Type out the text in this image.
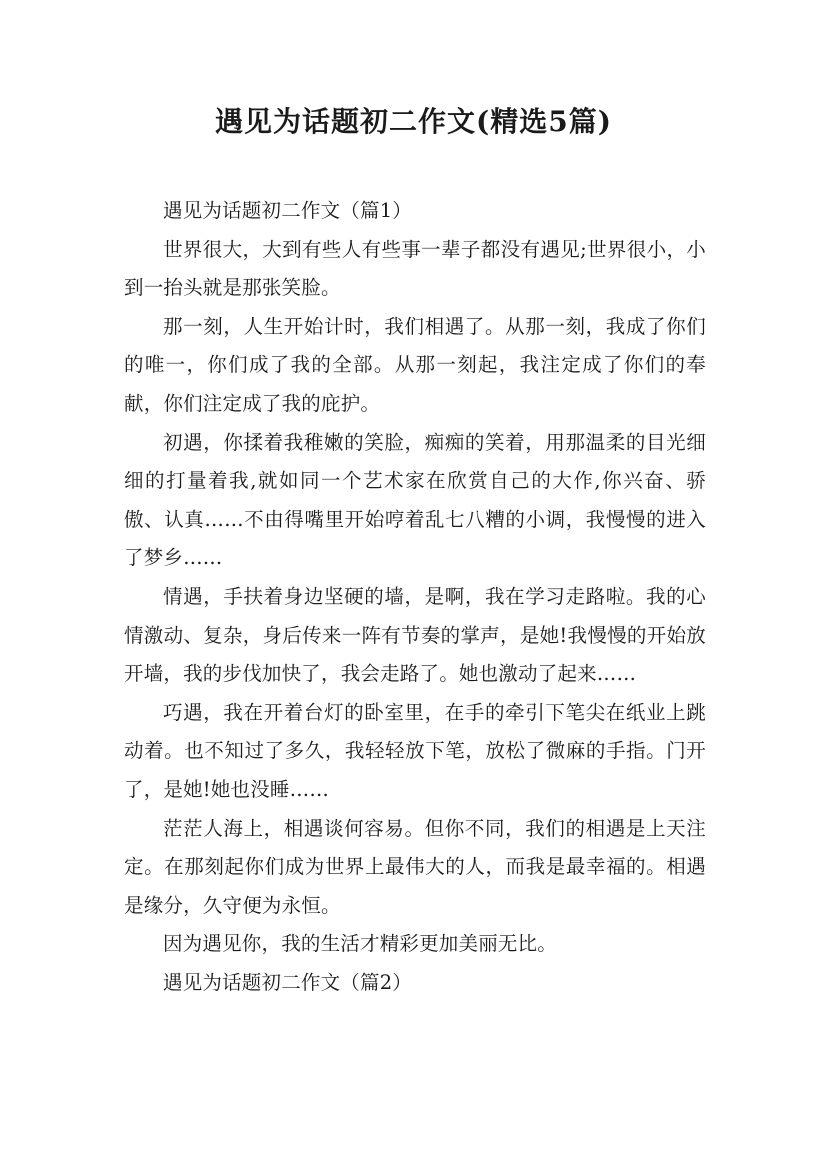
遇见为话题初二作文(精选5篇)

遇见为话题初二作文（篇1）

世界很大，大到有些人有些事一辈子都没有遇见;世界很小，小到一抬头就是那张笑脸。

那一刻，人生开始计时，我们相遇了。从那一刻，我成了你们的唯一，你们成了我的全部。从那一刻起，我注定成了你们的奉献，你们注定成了我的庇护。

初遇，你揉着我稚嫩的笑脸，痴痴的笑着，用那温柔的目光细细的打量着我,就如同一个艺术家在欣赏自己的大作,你兴奋、骄傲、认真……不由得嘴里开始哼着乱七八糟的小调，我慢慢的进入了梦乡……

情遇，手扶着身边坚硬的墙，是啊，我在学习走路啦。我的心情激动、复杂，身后传来一阵有节奏的掌声，是她!我慢慢的开始放开墙，我的步伐加快了，我会走路了。她也激动了起来……

巧遇，我在开着台灯的卧室里，在手的牵引下笔尖在纸业上跳动着。也不知过了多久，我轻轻放下笔，放松了微麻的手指。门开了，是她!她也没睡……

茫茫人海上，相遇谈何容易。但你不同，我们的相遇是上天注定。在那刻起你们成为世界上最伟大的人，而我是最幸福的。相遇是缘分，久守便为永恒。

因为遇见你，我的生活才精彩更加美丽无比。

遇见为话题初二作文（篇2）
